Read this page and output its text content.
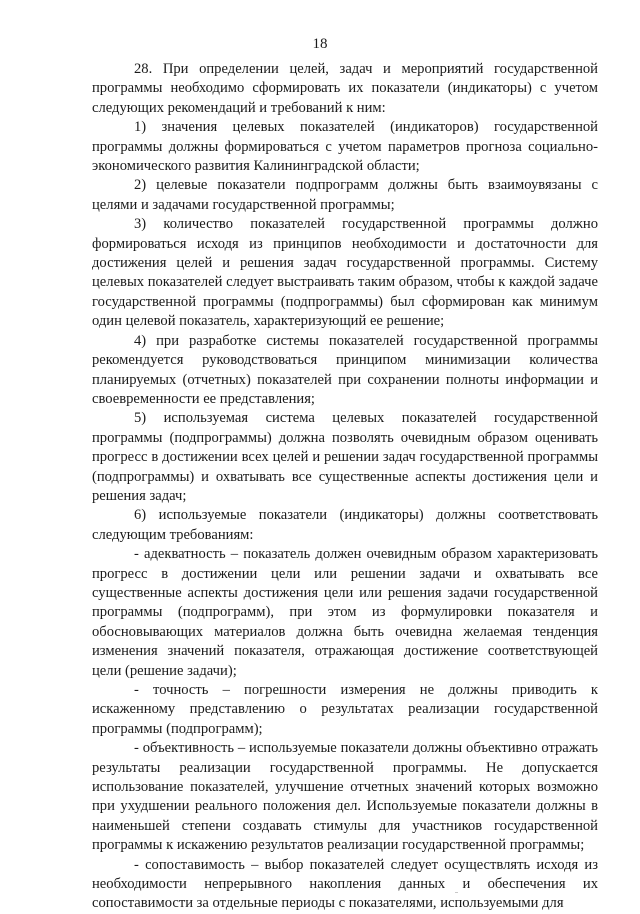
18

28. При определении целей, задач и мероприятий государственной программы необходимо сформировать их показатели (индикаторы) с учетом следующих рекомендаций и требований к ним:

1) значения целевых показателей (индикаторов) государственной программы должны формироваться с учетом параметров прогноза социально-экономического развития Калининградской области;

2) целевые показатели подпрограмм должны быть взаимоувязаны с целями и задачами государственной программы;

3) количество показателей государственной программы должно формироваться исходя из принципов необходимости и достаточности для достижения целей и решения задач государственной программы. Систему целевых показателей следует выстраивать таким образом, чтобы к каждой задаче государственной программы (подпрограммы) был сформирован как минимум один целевой показатель, характеризующий ее решение;

4) при разработке системы показателей государственной программы рекомендуется руководствоваться принципом минимизации количества планируемых (отчетных) показателей при сохранении полноты информации и своевременности ее представления;

5) используемая система целевых показателей государственной программы (подпрограммы) должна позволять очевидным образом оценивать прогресс в достижении всех целей и решении задач государственной программы (подпрограммы) и охватывать все существенные аспекты достижения цели и решения задач;

6) используемые показатели (индикаторы) должны соответствовать следующим требованиям:

- адекватность – показатель должен очевидным образом характеризовать прогресс в достижении цели или решении задачи и охватывать все существенные аспекты достижения цели или решения задачи государственной программы (подпрограмм), при этом из формулировки показателя и обосновывающих материалов должна быть очевидна желаемая тенденция изменения значений показателя, отражающая достижение соответствующей цели (решение задачи);

- точность – погрешности измерения не должны приводить к искаженному представлению о результатах реализации государственной программы (подпрограмм);

- объективность – используемые показатели должны объективно отражать результаты реализации государственной программы. Не допускается использование показателей, улучшение отчетных значений которых возможно при ухудшении реального положения дел. Используемые показатели должны в наименьшей степени создавать стимулы для участников государственной программы к искажению результатов реализации государственной программы;

- сопоставимость – выбор показателей следует осуществлять исходя из необходимости непрерывного накопления данных и обеспечения их сопоставимости за отдельные периоды с показателями, используемыми для
